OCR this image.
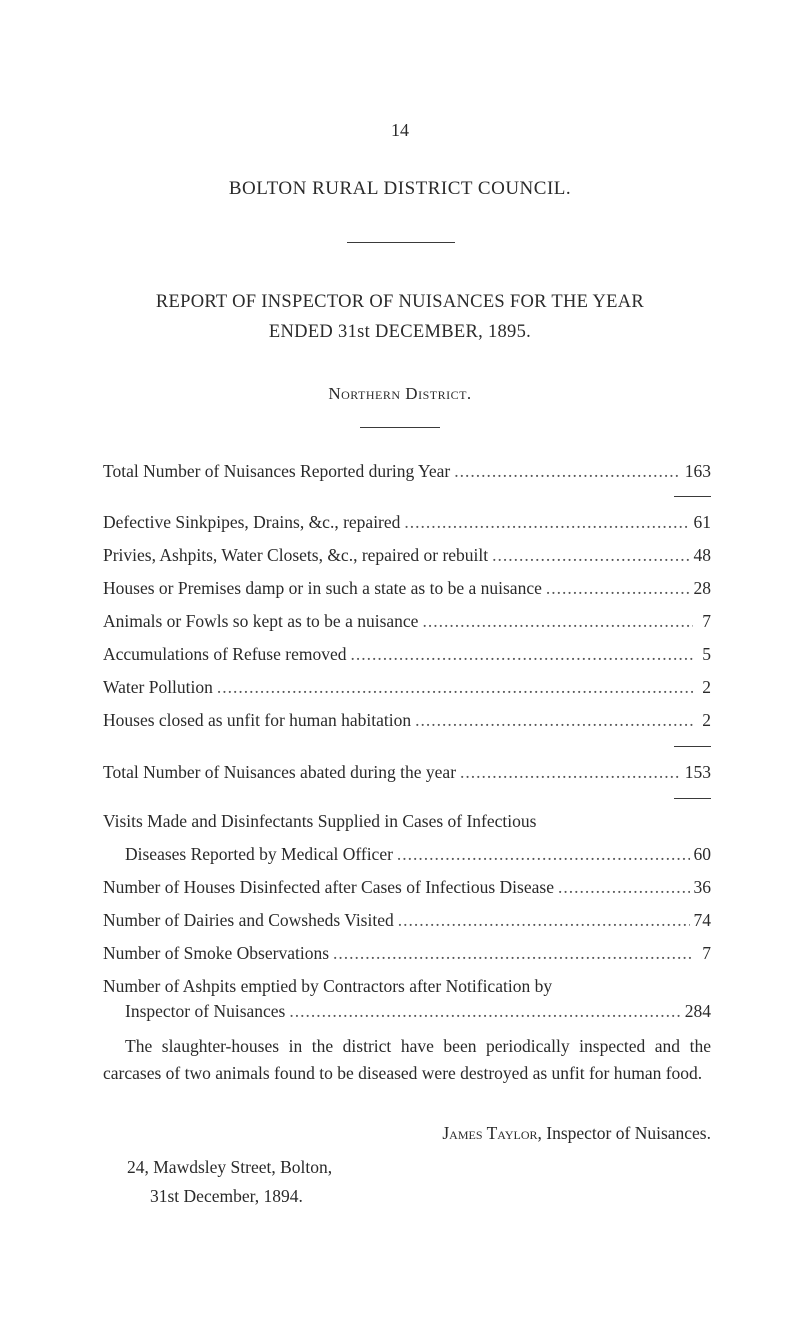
14
BOLTON RURAL DISTRICT COUNCIL.
REPORT OF INSPECTOR OF NUISANCES FOR THE YEAR
ENDED 31st DECEMBER, 1895.
Northern District.
Total Number of Nuisances Reported during Year .....	163
Defective Sinkpipes, Drains, &c., repaired .....	61
Privies, Ashpits, Water Closets, &c., repaired or rebuilt .....	48
Houses or Premises damp or in such a state as to be a nuisance .....	28
Animals or Fowls so kept as to be a nuisance .....	7
Accumulations of Refuse removed .....	5
Water Pollution .....	2
Houses closed as unfit for human habitation .....	2
Total Number of Nuisances abated during the year .....	153
Visits Made and Disinfectants Supplied in Cases of Infectious
Diseases Reported by Medical Officer .....	60
Number of Houses Disinfected after Cases of Infectious Disease .....	36
Number of Dairies and Cowsheds Visited .....	74
Number of Smoke Observations .....	7
Number of Ashpits emptied by Contractors after Notification by
Inspector of Nuisances .....	284
The slaughter-houses in the district have been periodically inspected and the carcases of two animals found to be diseased were destroyed as unfit for human food.
James Taylor, Inspector of Nuisances.
24, Mawdsley Street, Bolton,
31st December, 1894.
